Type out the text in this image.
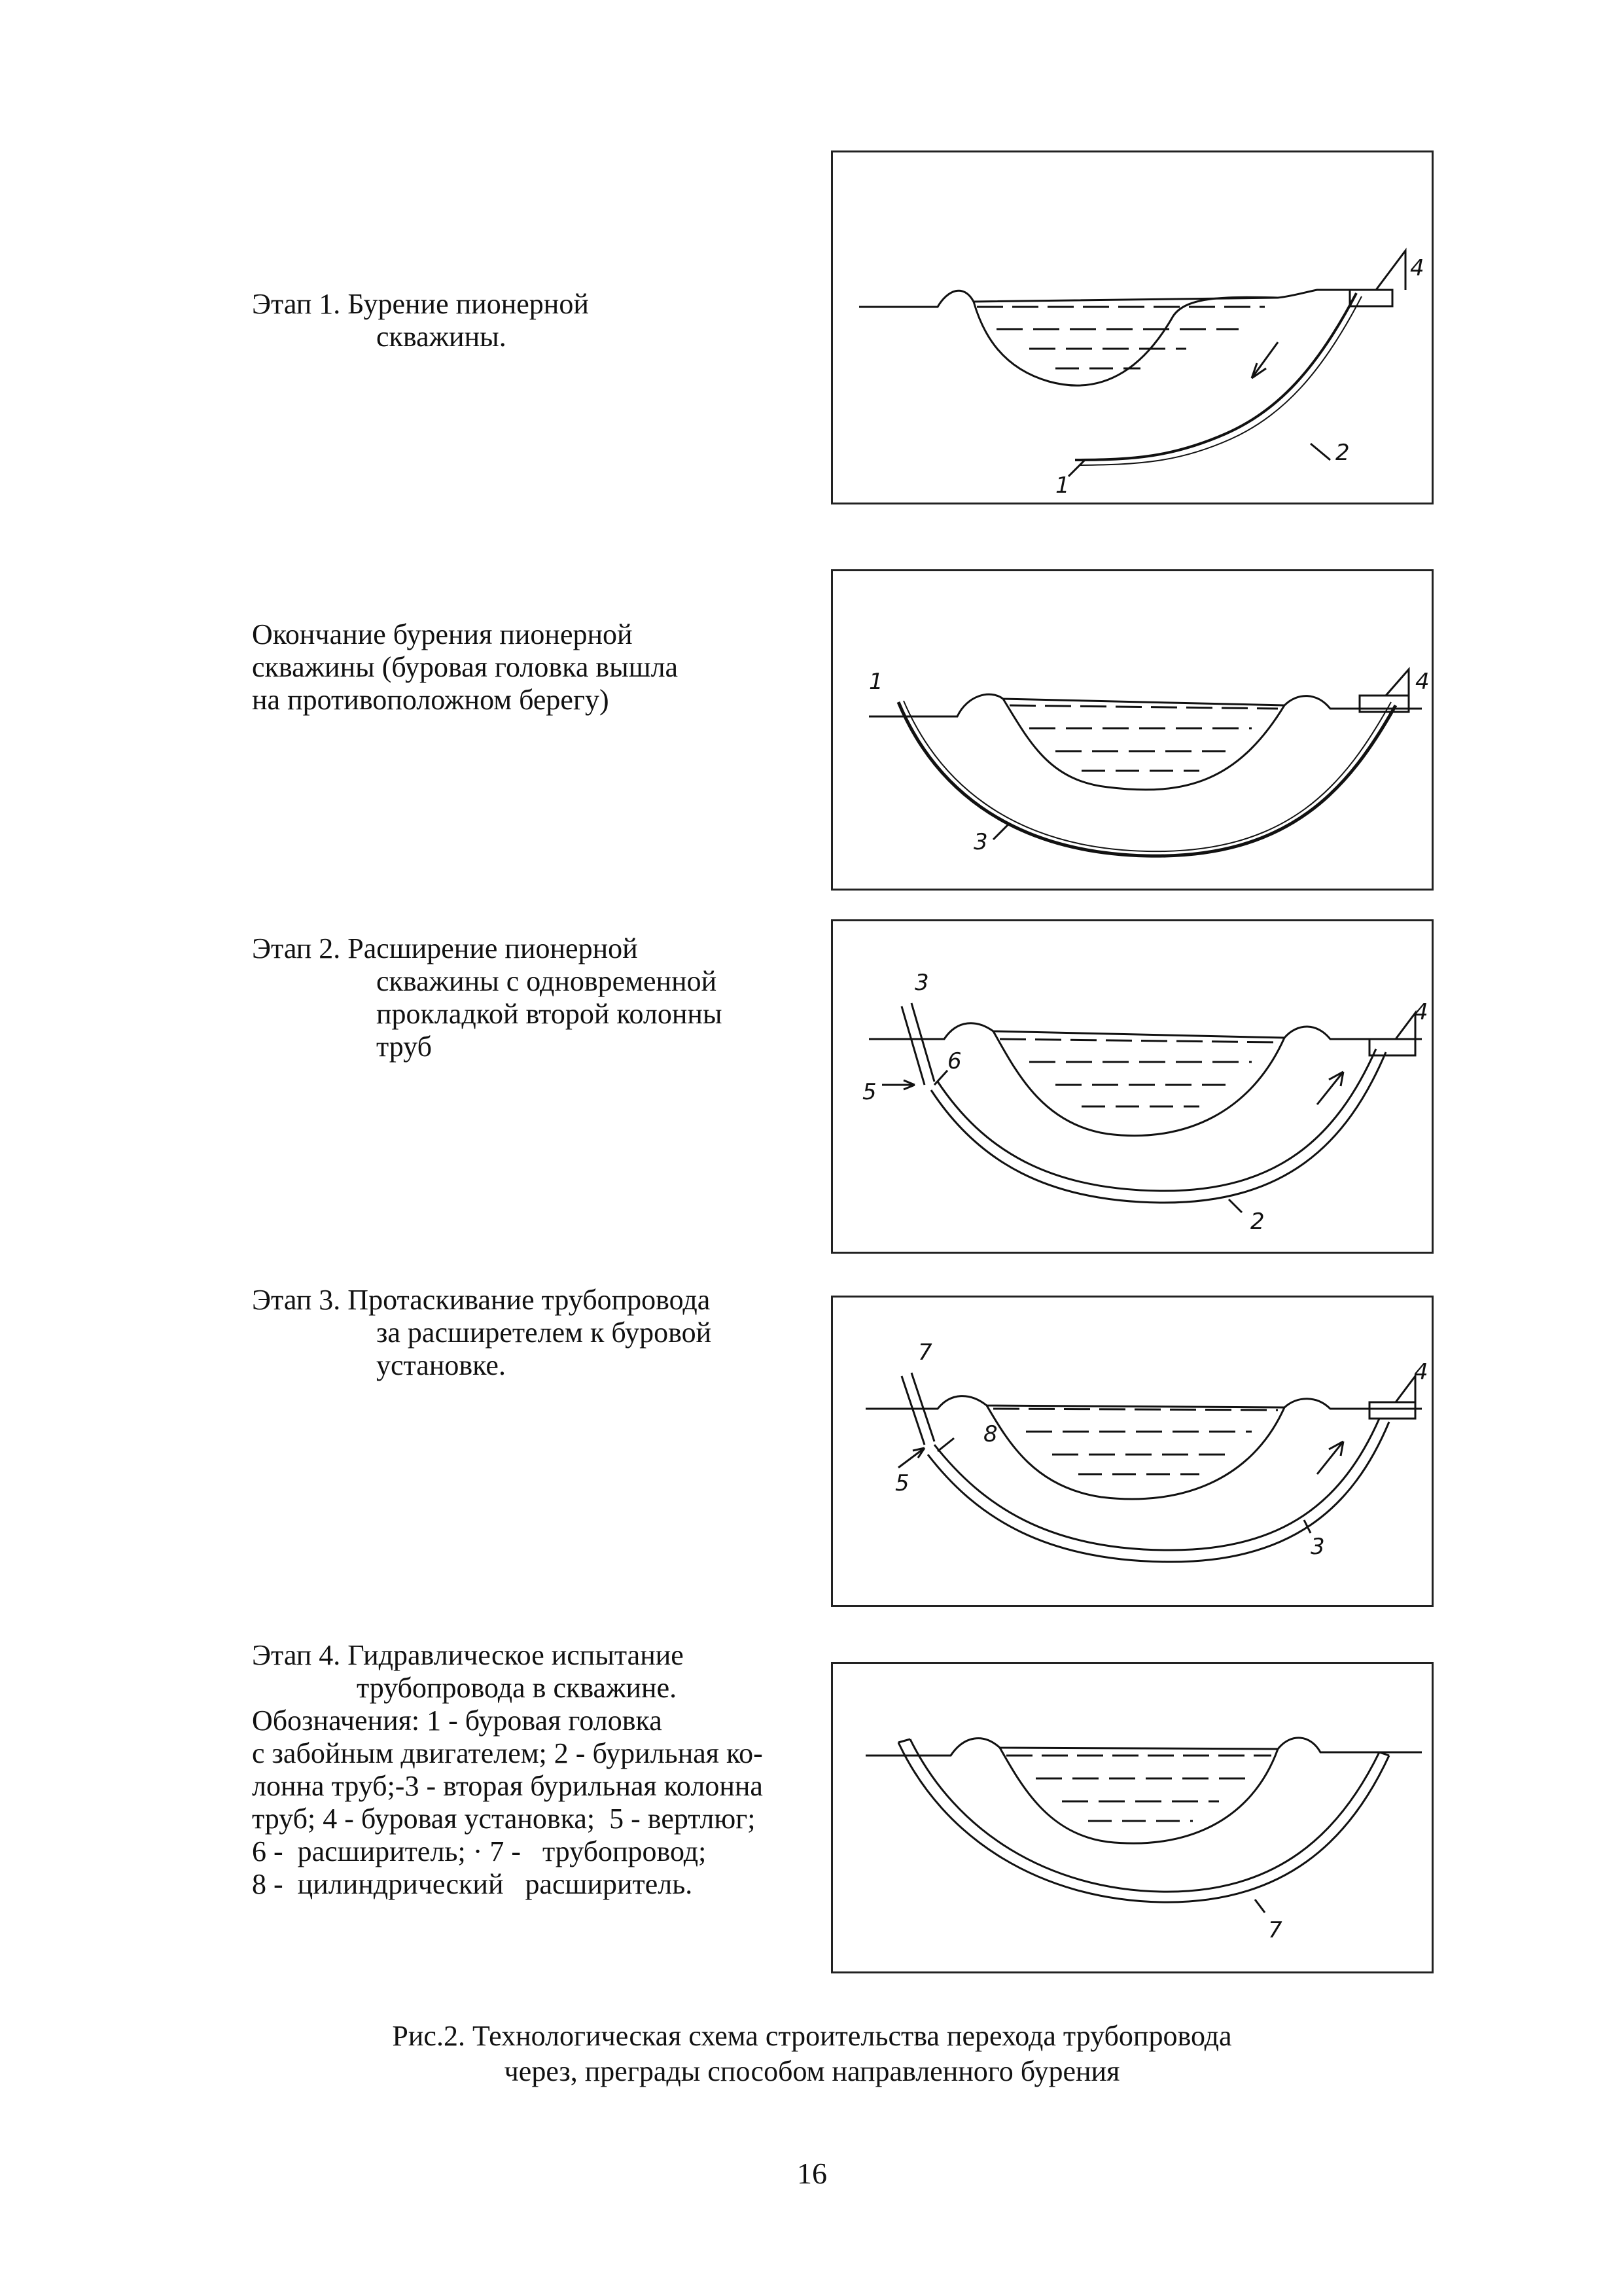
Этап 1. Бурение пионерной
скважины.
Окончание бурения пионерной
скважины (буровая головка вышла
на противоположном берегу)
Этап 2. Расширение пионерной
скважины с одновременной
прокладкой второй колонны
труб
Этап 3. Протаскивание трубопровода
за расширетелем к буровой
установке.
Этап 4. Гидравлическое испытание
трубопровода в скважине.
Обозначения: 1 - буровая головка
с забойным двигателем; 2 - бурильная ко-
лонна труб;-3 - вторая бурильная колонна
труб; 4 - буровая установка;  5 - вертлюг;
6 -  расширитель; · 7 -   трубопровод;
8 -  цилиндрический   расширитель.
4
1
2
1	4
3
3
4
5
6
2
7
4
5
8
3
7
Рис.2. Технологическая схема строительства перехода трубопровода
через, преграды способом направленного бурения
16
